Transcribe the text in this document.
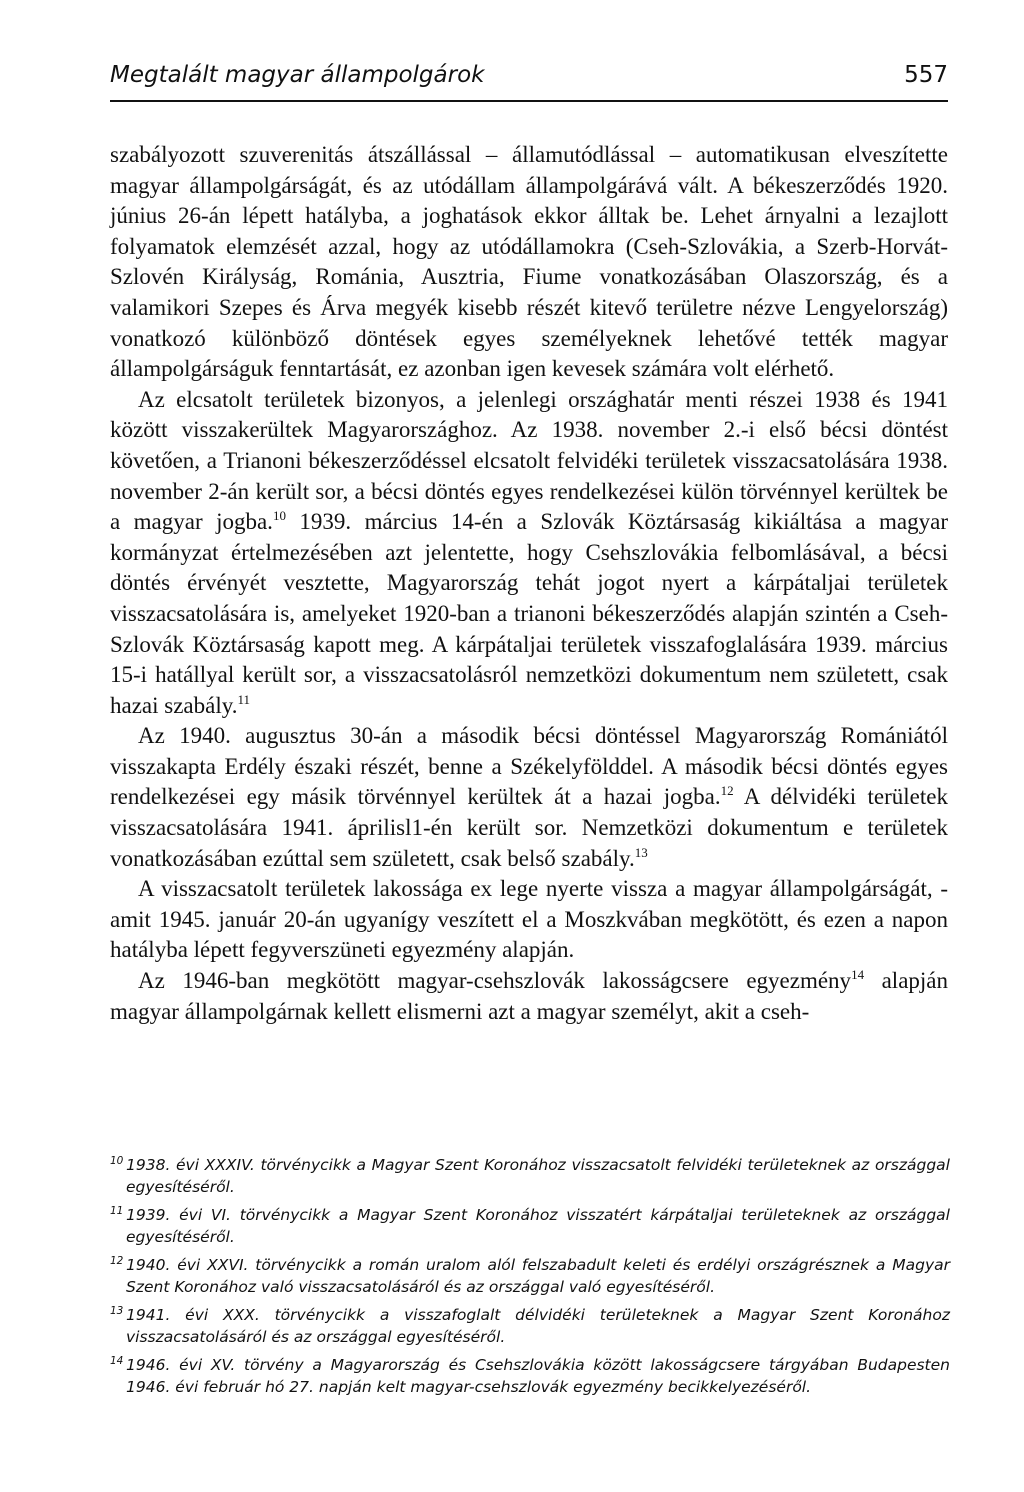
Megtalált magyar állampolgárok	557

szabályozott szuverenitás átszállással – államutódlással – automatikusan elveszítette magyar állampolgárságát, és az utódállam állampolgárává vált. A békeszerződés 1920. június 26-án lépett hatályba, a joghatások ekkor álltak be. Lehet árnyalni a lezajlott folyamatok elemzését azzal, hogy az utódállamokra (Cseh-Szlovákia, a Szerb-Horvát-Szlovén Királyság, Románia, Ausztria, Fiume vonatkozásában Olaszország, és a valamikori Szepes és Árva megyék kisebb részét kitevő területre nézve Lengyelország) vonatkozó különböző döntések egyes személyeknek lehetővé tették magyar állampolgárságuk fenntartását, ez azonban igen kevesek számára volt elérhető.

Az elcsatolt területek bizonyos, a jelenlegi országhatár menti részei 1938 és 1941 között visszakerültek Magyarországhoz. Az 1938. november 2.-i első bécsi döntést követően, a Trianoni békeszerződéssel elcsatolt felvidéki területek visszacsatolására 1938. november 2-án került sor, a bécsi döntés egyes rendelkezései külön törvénnyel kerültek be a magyar jogba.$^{10}$ 1939. március 14-én a Szlovák Köztársaság kikiáltása a magyar kormányzat értelmezésében azt jelentette, hogy Csehszlovákia felbomlásával, a bécsi döntés érvényét vesztette, Magyarország tehát jogot nyert a kárpátaljai területek visszacsatolására is, amelyeket 1920-ban a trianoni békeszerződés alapján szintén a Cseh-Szlovák Köztársaság kapott meg. A kárpátaljai területek visszafoglalására 1939. március 15-i hatállyal került sor, a visszacsatolásról nemzetközi dokumentum nem született, csak hazai szabály.$^{11}$

Az 1940. augusztus 30-án a második bécsi döntéssel Magyarország Romániától visszakapta Erdély északi részét, benne a Székelyfölddel. A második bécsi döntés egyes rendelkezései egy másik törvénnyel kerültek át a hazai jogba.$^{12}$ A délvidéki területek visszacsatolására 1941. áprilisl1-én került sor. Nemzetközi dokumentum e területek vonatkozásában ezúttal sem született, csak belső szabály.$^{13}$

A visszacsatolt területek lakossága ex lege nyerte vissza a magyar állampolgárságát, - amit 1945. január 20-án ugyanígy veszített el a Moszkvában megkötött, és ezen a napon hatályba lépett fegyverszüneti egyezmény alapján.

Az 1946-ban megkötött magyar-csehszlovák lakosságcsere egyezmény$^{14}$ alapján magyar állampolgárnak kellett elismerni azt a magyar személyt, akit a cseh-

10 1938. évi XXXIV. törvénycikk a Magyar Szent Koronához visszacsatolt felvidéki területeknek az országgal egyesítéséről.
11 1939. évi VI. törvénycikk a Magyar Szent Koronához visszatért kárpátaljai területeknek az országgal egyesítéséről.
12 1940. évi XXVI. törvénycikk a román uralom alól felszabadult keleti és erdélyi országrésznek a Magyar Szent Koronához való visszacsatolásáról és az országgal való egyesítéséről.
13 1941. évi XXX. törvénycikk a visszafoglalt délvidéki területeknek a Magyar Szent Koronához visszacsatolásáról és az országgal egyesítéséről.
14 1946. évi XV. törvény a Magyarország és Csehszlovákia között lakosságcsere tárgyában Budapesten 1946. évi február hó 27. napján kelt magyar-csehszlovák egyezmény becikkelyezéséről.
